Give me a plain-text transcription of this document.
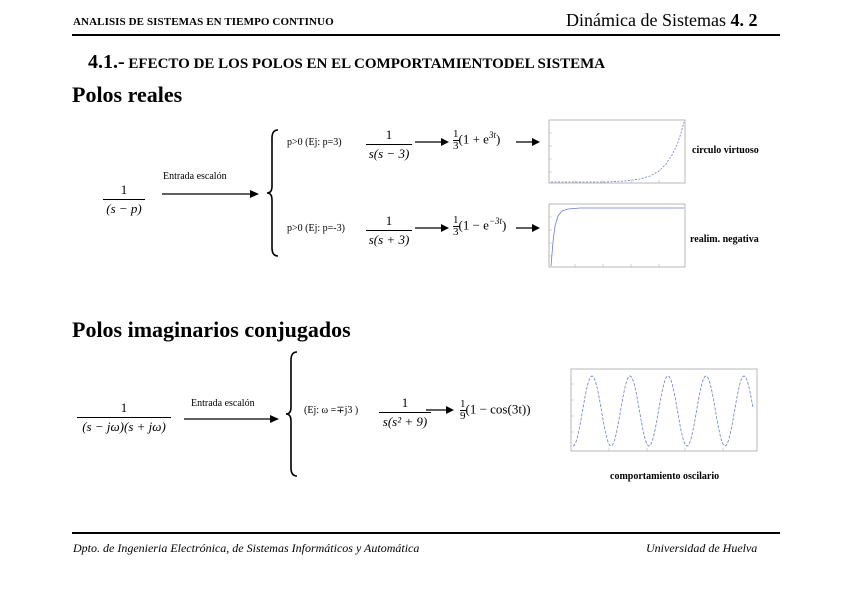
ANALISIS DE SISTEMAS EN TIEMPO CONTINUO	Dinámica de Sistemas 4. 2
4.1.- EFECTO DE LOS POLOS EN EL COMPORTAMIENTODEL SISTEMA
Polos reales
1
(s − p)
Entrada escalón
p>0 (Ej: p=3)
1
s(s − 3)
1

3 $(1 + e^{3t})$
circulo virtuoso
p>0 (Ej: p=-3)
1
s(s + 3)
1

3 $(1 - e^{-3t})$
realim. negativa
Polos imaginarios conjugados
1
(s − jω)(s + jω)
Entrada escalón
(Ej: ω =∓j3 )
1
s(s² + 9)
1

9 (1 − cos(3t))
comportamiento oscilario
Dpto. de Ingenieria Electrónica, de Sistemas Informáticos y Automática	Universidad de Huelva
